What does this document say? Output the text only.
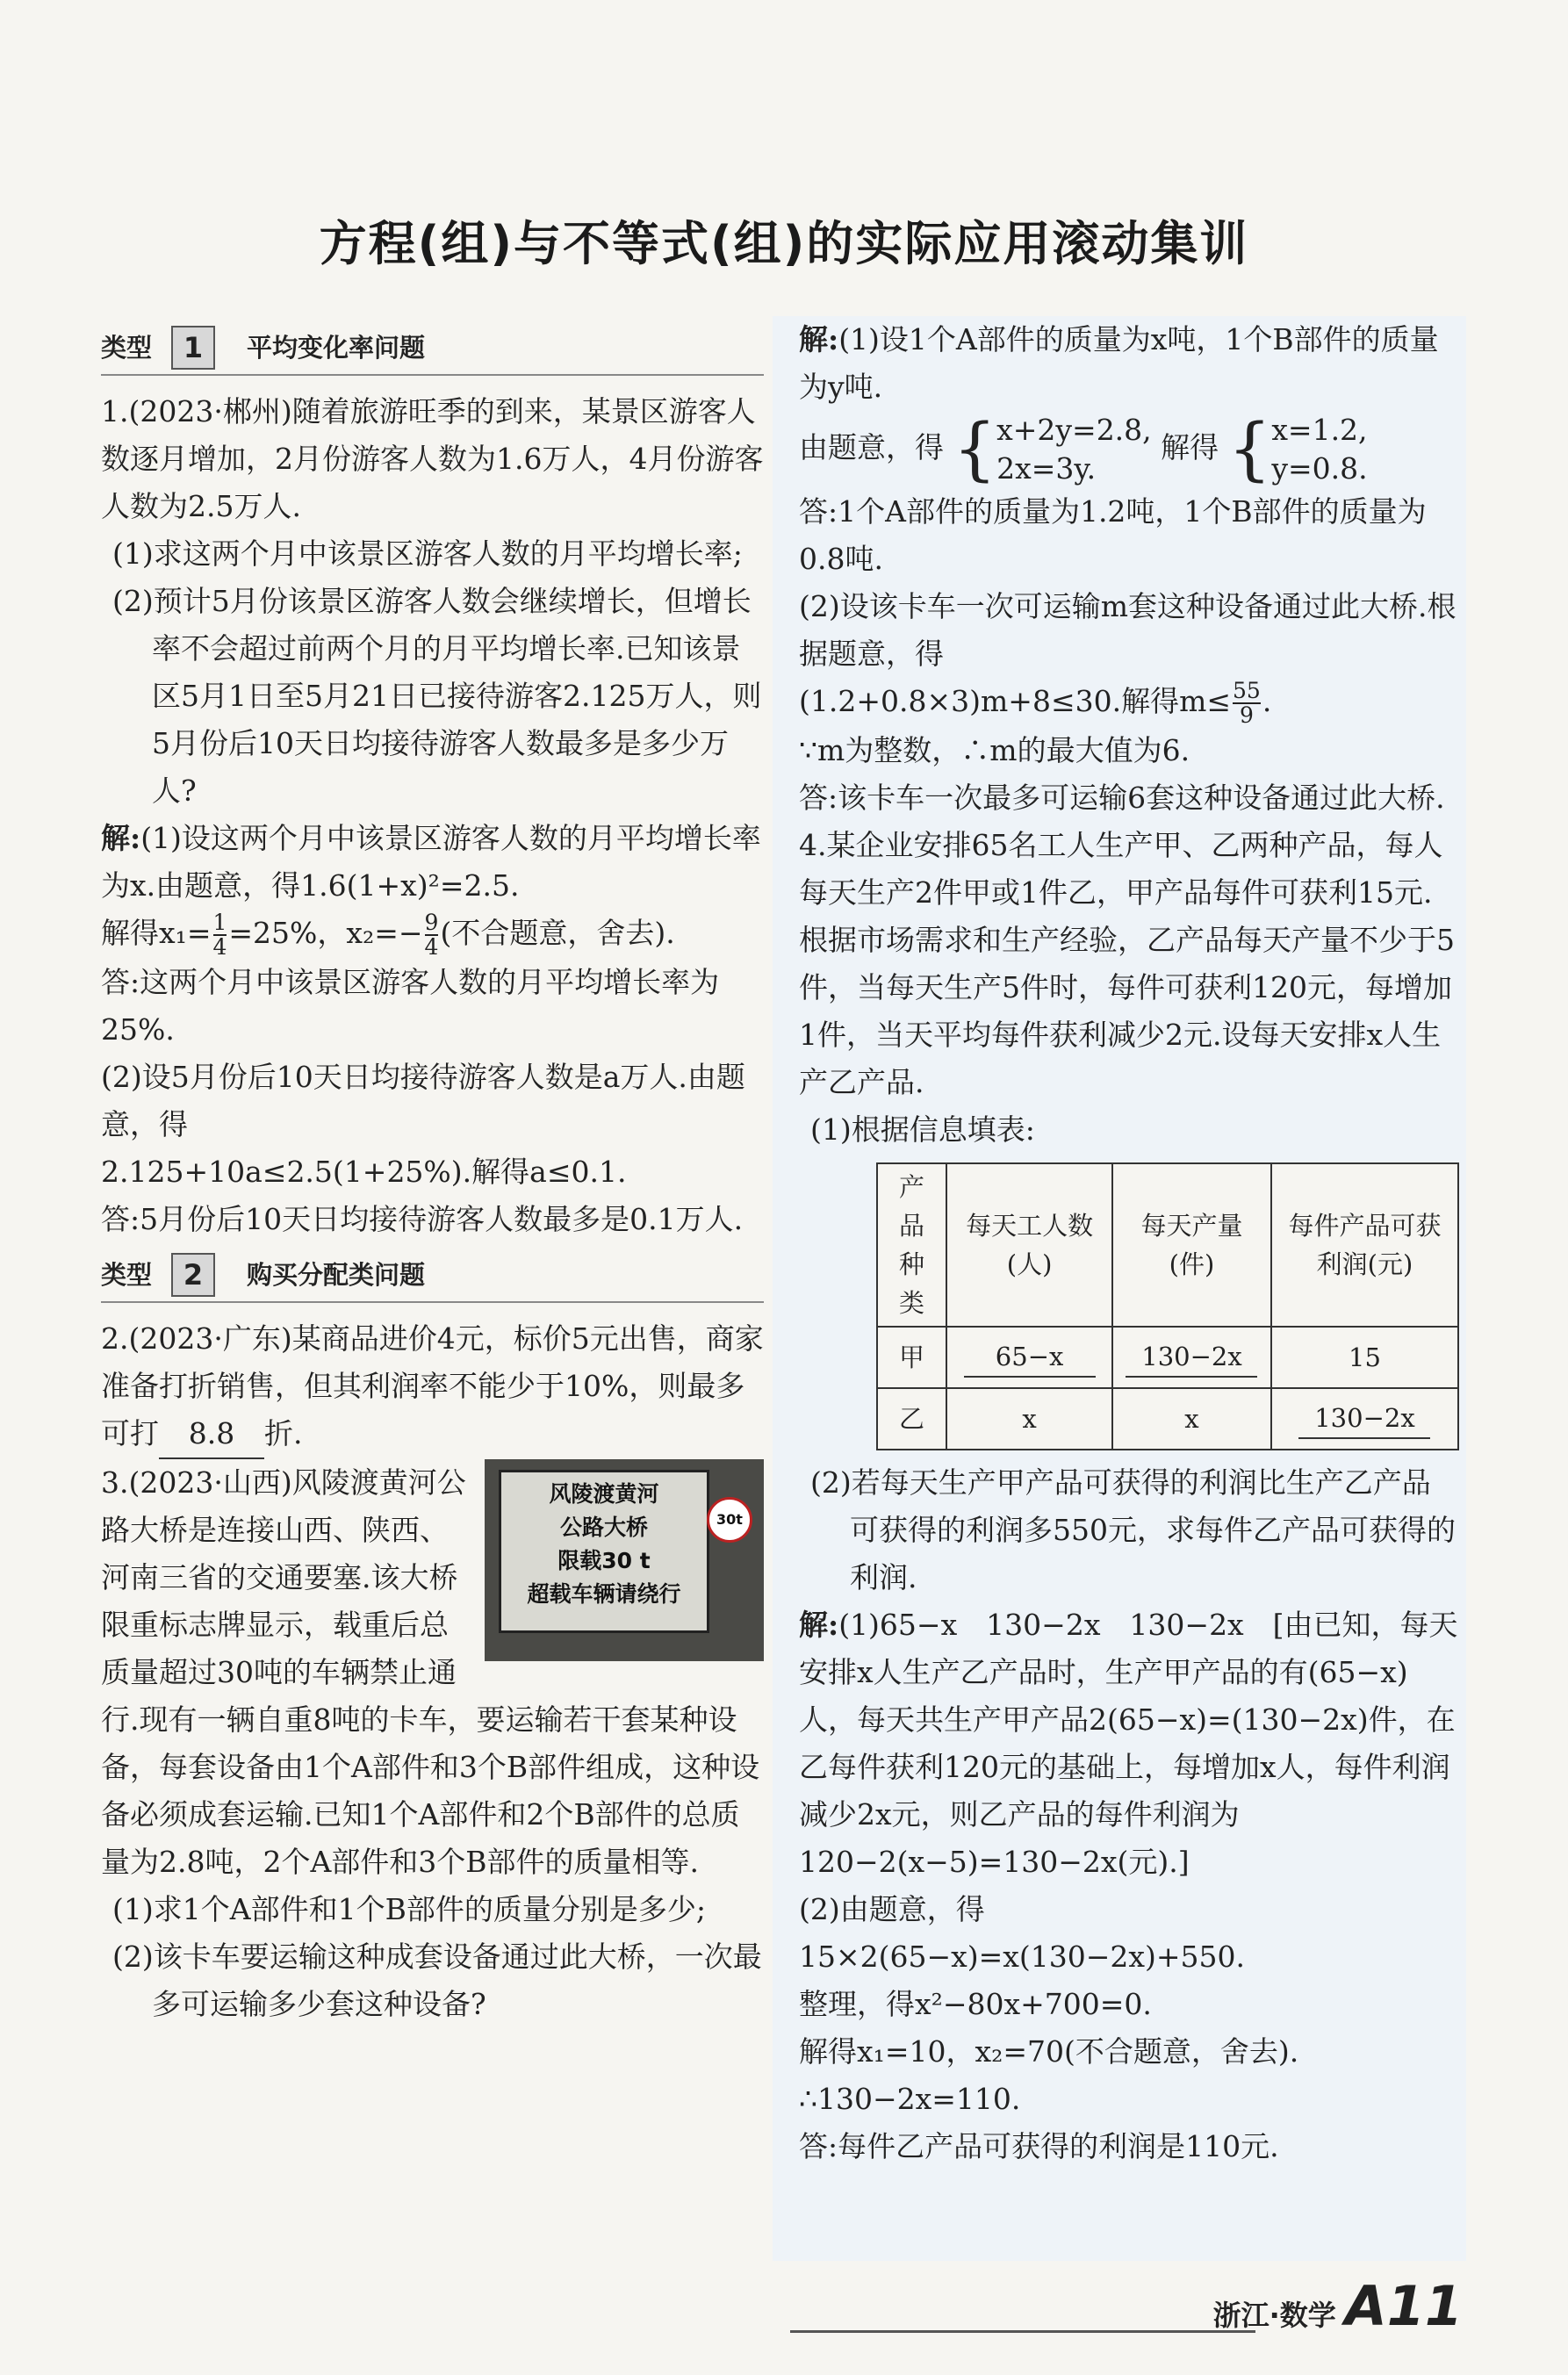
方程(组)与不等式(组)的实际应用滚动集训
类型	1	平均变化率问题

1.(2023·郴州)随着旅游旺季的到来，某景区游客人数逐月增加，2月份游客人数为1.6万人，4月份游客人数为2.5万人.

(1)求这两个月中该景区游客人数的月平均增长率;

(2)预计5月份该景区游客人数会继续增长，但增长率不会超过前两个月的月平均增长率.已知该景区5月1日至5月21日已接待游客2.125万人，则5月份后10天日均接待游客人数最多是多少万人?

解:(1)设这两个月中该景区游客人数的月平均增长率为x.由题意，得1.6(1+x)²=2.5.

解得$x_1= \frac{1}{4} =25\%$，$x_2=- \frac{9}{4}$ (不合题意，舍去).

答:这两个月中该景区游客人数的月平均增长率为25%.

(2)设5月份后10天日均接待游客人数是a万人.由题意，得

2.125+10a≤2.5(1+25%).解得a≤0.1.

答:5月份后10天日均接待游客人数最多是0.1万人.

类型	2	购买分配类问题

2.(2023·广东)某商品进价4元，标价5元出售，商家准备打折销售，但其利润率不能少于10%，则最多可打 8.8 折.

风陵渡黄河
公路大桥
限载30 t
超载车辆请绕行
30t

3.(2023·山西)风陵渡黄河公路大桥是连接山西、陕西、河南三省的交通要塞.该大桥限重标志牌显示，载重后总质量超过30吨的车辆禁止通行.现有一辆自重8吨的卡车，要运输若干套某种设备，每套设备由1个A部件和3个B部件组成，这种设备必须成套运输.已知1个A部件和2个B部件的总质量为2.8吨，2个A部件和3个B部件的质量相等.

(1)求1个A部件和1个B部件的质量分别是多少;

(2)该卡车要运输这种成套设备通过此大桥，一次最多可运输多少套这种设备?

解:(1)设1个A部件的质量为x吨，1个B部件的质量为y吨.

由题意，得 { x+2y=2.8,
2x=3y.
解得 { x=1.2,
y=0.8.

答:1个A部件的质量为1.2吨，1个B部件的质量为0.8吨.

(2)设该卡车一次可运输m套这种设备通过此大桥.根据题意，得

(1.2+0.8×3)m+8≤30.解得$m\le \frac{55}{9}$ .

∵m为整数，∴m的最大值为6.

答:该卡车一次最多可运输6套这种设备通过此大桥.

4.某企业安排65名工人生产甲、乙两种产品，每人每天生产2件甲或1件乙，甲产品每件可获利15元.根据市场需求和生产经验，乙产品每天产量不少于5件，当每天生产5件时，每件可获利120元，每增加1件，当天平均每件获利减少2元.设每天安排x人生产乙产品.

(1)根据信息填表:

产品种类	每天工人数(人)	每天产量(件)	每件产品可获利润(元)
甲	65−x	130−2x	15
乙	x	x	130−2x

(2)若每天生产甲产品可获得的利润比生产乙产品可获得的利润多550元，求每件乙产品可获得的利润.

解:(1)65−x　130−2x　130−2x　[由已知，每天安排x人生产乙产品时，生产甲产品的有(65−x)人，每天共生产甲产品2(65−x)=(130−2x)件，在乙每件获利120元的基础上，每增加x人，每件利润减少2x元，则乙产品的每件利润为120−2(x−5)=130−2x(元).]

(2)由题意，得

15×2(65−x)=x(130−2x)+550.

整理，得x²−80x+700=0.

解得x₁=10，x₂=70(不合题意，舍去).

∴130−2x=110.

答:每件乙产品可获得的利润是110元.

浙江·数学 A11
